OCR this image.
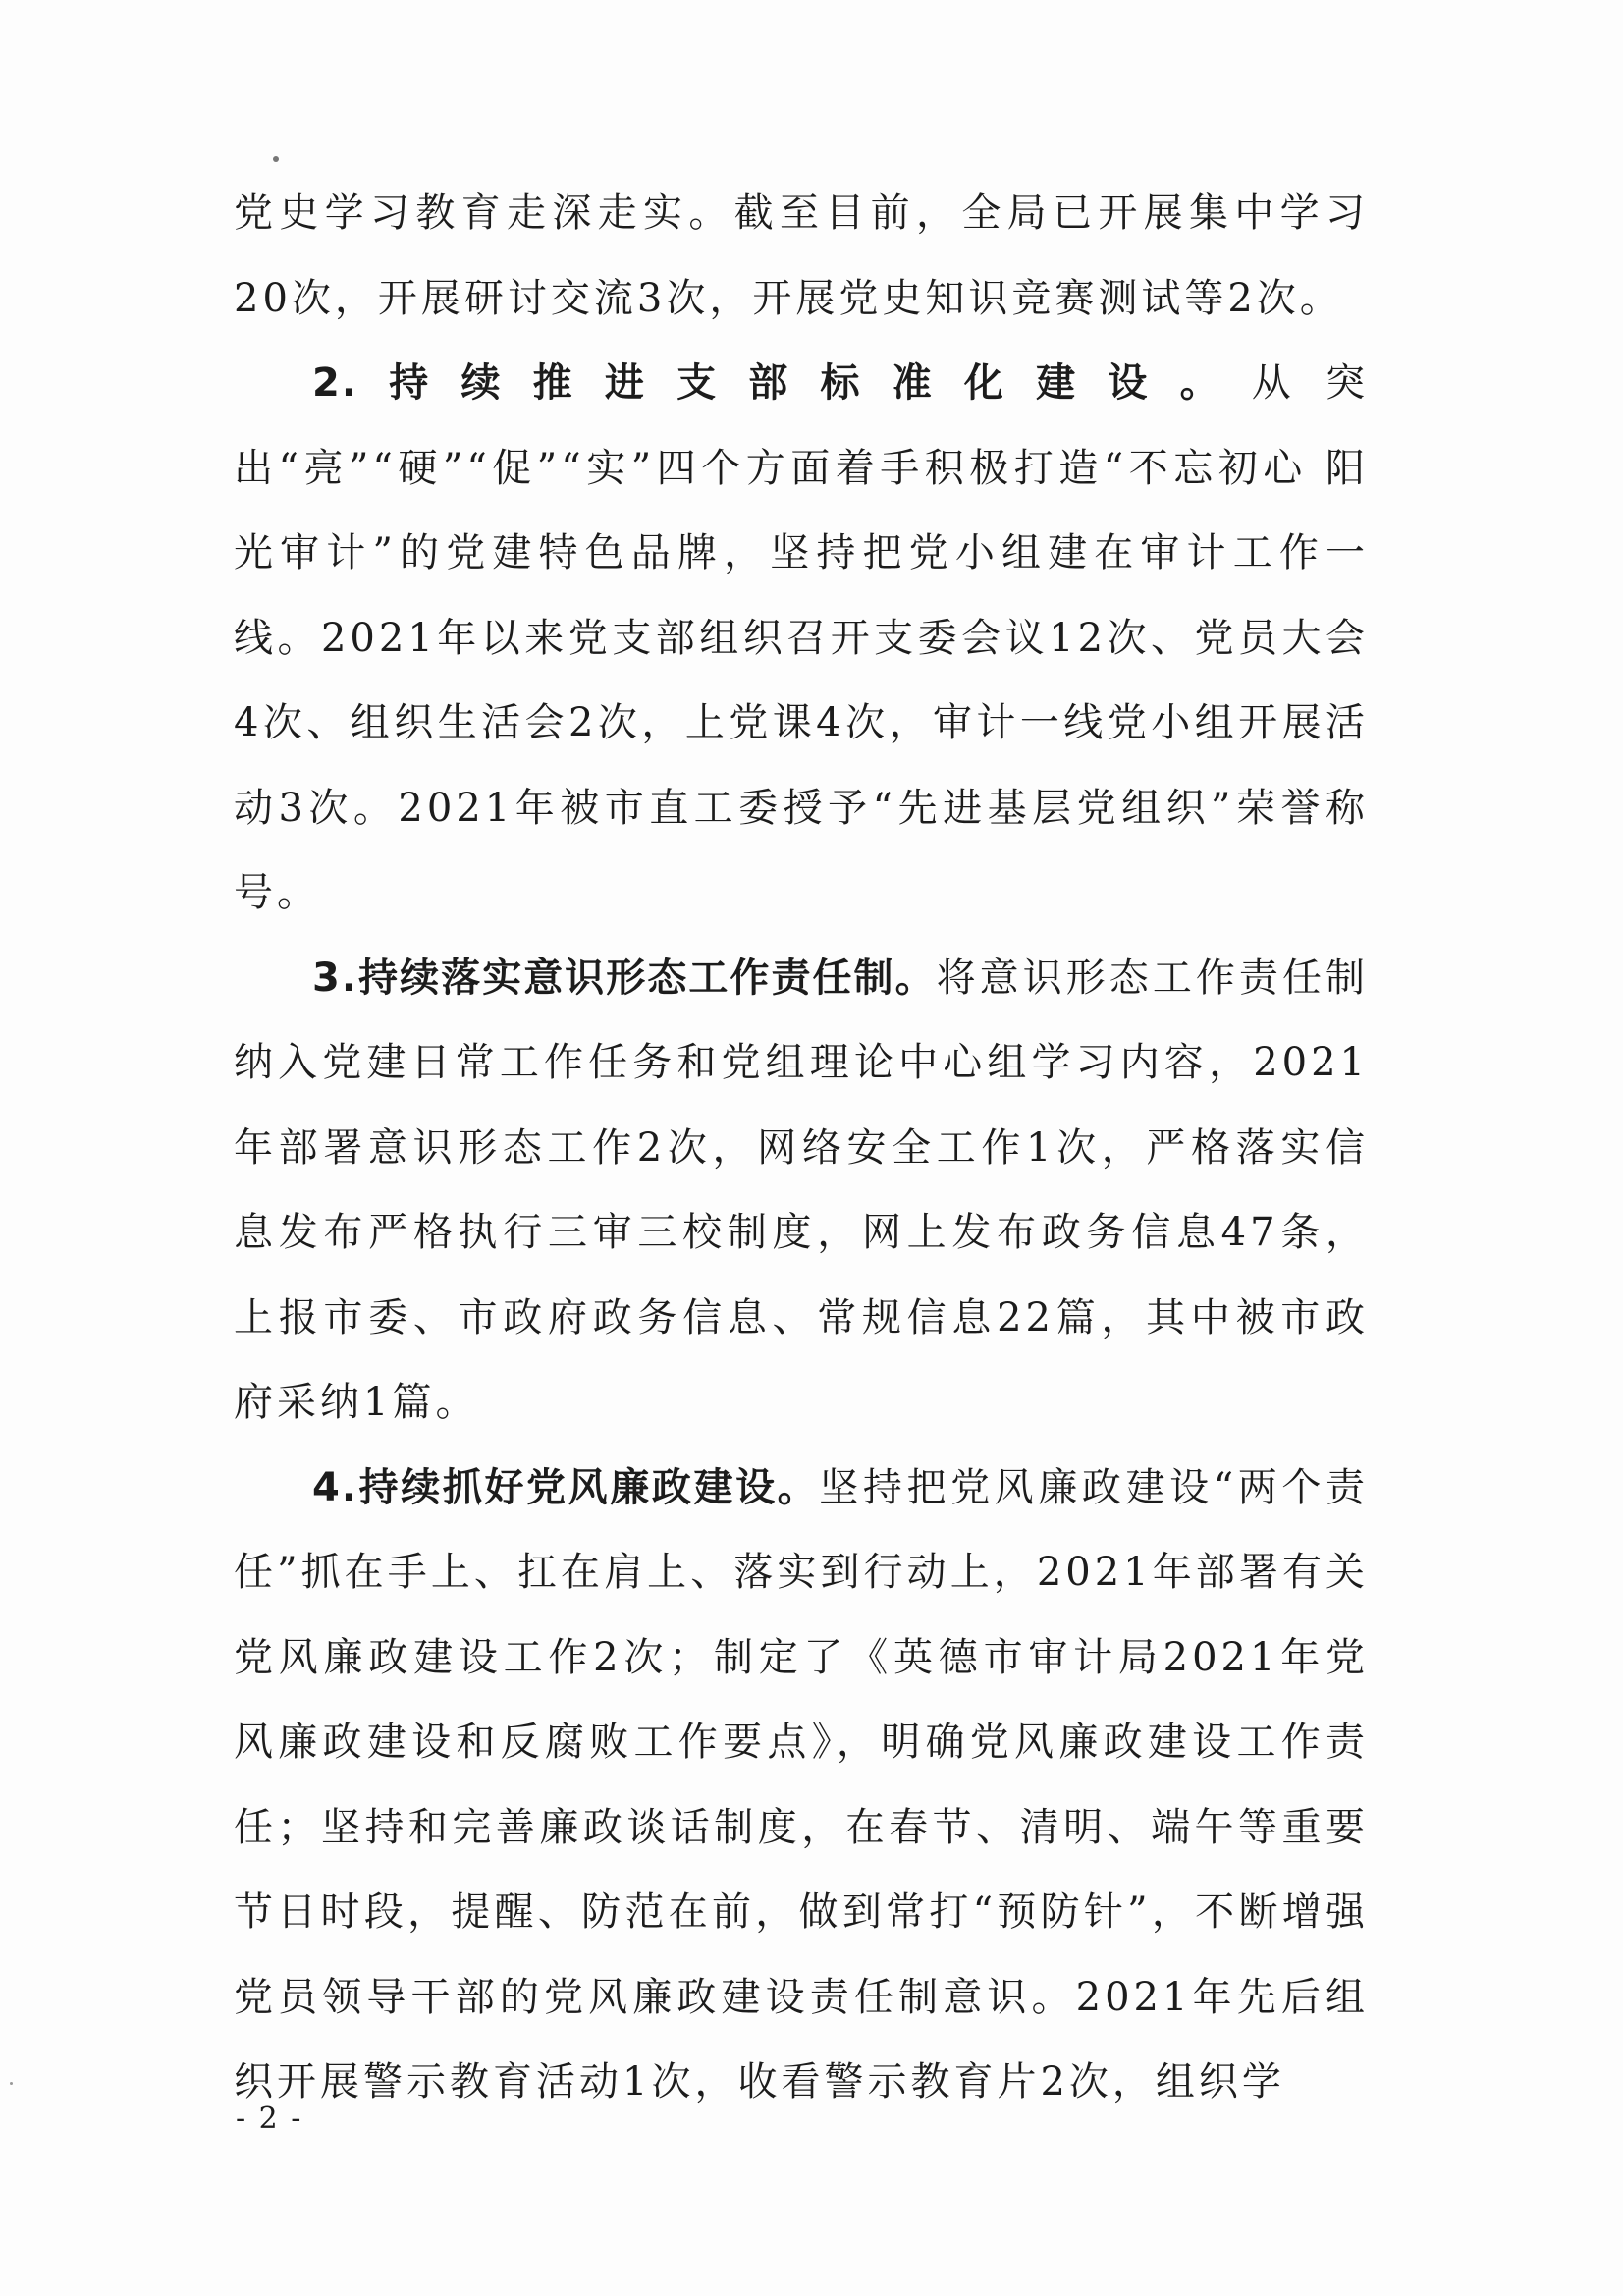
党史学习教育走深走实。截至目前，全局已开展集中学习20次，开展研讨交流3次，开展党史知识竞赛测试等2次。

2.持续推进支部标准化建设。从突出“亮”“硬”“促”“实”四个方面着手积极打造“不忘初心 阳光审计”的党建特色品牌，坚持把党小组建在审计工作一线。2021年以来党支部组织召开支委会议12次、党员大会4次、组织生活会2次，上党课4次，审计一线党小组开展活动3次。2021年被市直工委授予“先进基层党组织”荣誉称号。

3.持续落实意识形态工作责任制。将意识形态工作责任制纳入党建日常工作任务和党组理论中心组学习内容，2021年部署意识形态工作2次，网络安全工作1次，严格落实信息发布严格执行三审三校制度，网上发布政务信息47条，上报市委、市政府政务信息、常规信息22篇，其中被市政府采纳1篇。

4.持续抓好党风廉政建设。坚持把党风廉政建设“两个责任”抓在手上、扛在肩上、落实到行动上，2021年部署有关党风廉政建设工作2次；制定了《英德市审计局2021年党风廉政建设和反腐败工作要点》，明确党风廉政建设工作责任；坚持和完善廉政谈话制度，在春节、清明、端午等重要节日时段，提醒、防范在前，做到常打“预防针”，不断增强党员领导干部的党风廉政建设责任制意识。2021年先后组织开展警示教育活动1次，收看警示教育片2次，组织学

- 2 -
